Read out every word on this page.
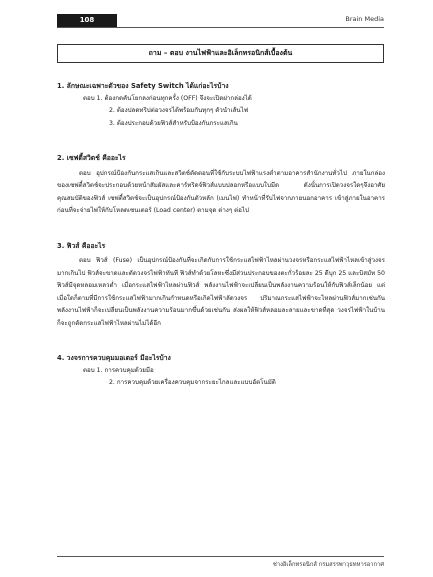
108	Brain Media
ถาม – ตอบ งานไฟฟ้าและอิเล็กทรอนิกส์เบื้องต้น

1. ลักษณะเฉพาะตัวของ Safety Switch ได้แก่อะไรบ้าง

ตอบ 1. ต้องกดคันโยกลงก่อนทุกครั้ง (OFF) จึงจะเปิดฝากล่องได้

2. ต้องปลดทริปต่อวงจรได้พร้อมกันทุกๆ ตัวนำเส้นไฟ

3. ต้องประกอบด้วยฟิวส์สำหรับป้องกันกระแสเกิน

2. เซฟตี้สวิตช์ คืออะไร

ตอบ อุปกรณ์ป้องกันกระแสเกินและสวิตช์ตัดตอนที่ใช้กับระบบไฟฟ้าแรงต่ำตามอาคารสำนักงานทั่วไป ภายในกล่องของเซฟตี้สวิตช์จะประกอบด้วยหน้าสัมผัสและคาร์ทริดจ์ฟิวส์แบบปลอกหรือแบบใบมีด ดังนั้นการเปิดวงจรใดๆจึงอาศัยคุณสมบัติของฟิวส์ เซฟตี้สวิตช์จะเป็นอุปกรณ์ป้องกันตัวหลัก (เมนไฟ) ทำหน้าที่รับไฟจากภายนอกอาคาร เข้าสู่ภายในอาคารก่อนที่จะจ่ายไฟให้กับโหลดเซนเตอร์ (Load center) ตามจุด ต่างๆ ต่อไป

3. ฟิวส์ คืออะไร

ตอบ ฟิวส์ (Fuse) เป็นอุปกรณ์ป้องกันที่จะเกิดกับการใช้กระแสไฟฟ้าไหลผ่านวงจรหรือกระแสไฟฟ้าไหลเข้าสู่วงจรมากเกินไป ฟิวส์จะขาดและตัดวงจรไฟฟ้าทันที ฟิวส์ทำด้วยโลหะซึ่งมีส่วนประกอบของตะกั่วร้อยละ 25 ดีบุก 25 และบิสมัท 50 ฟิวส์มีจุดหลอมเหลวต่ำ เมื่อกระแสไฟฟ้าไหลผ่านฟิวส์ พลังงานไฟฟ้าจะเปลี่ยนเป็นพลังงานความร้อนให้กับฟิวส์เล็กน้อย แต่เมื่อใดก็ตามที่มีการใช้กระแสไฟฟ้ามากเกินกำหนดหรือเกิดไฟฟ้าลัดวงจร ปริมาณกระแสไฟฟ้าจะไหลผ่านฟิวส์มากเช่นกันพลังงานไฟฟ้าก็จะเปลี่ยนเป็นพลังงานความร้อนมากขึ้นด้วยเช่นกัน ส่งผลให้ฟิวส์หลอมละลายและขาดที่สุด วงจรไฟฟ้าในบ้านก็จะถูกตัดกระแสไฟฟ้าไหลผ่านไม่ได้อีก

4. วงจรการควบคุมมอเตอร์ มีอะไรบ้าง

ตอบ 1. การควบคุมด้วยมือ

2. การควบคุมด้วยเครื่องควบคุมจากระยะไกลและแบบอัตโนมัติ

ช่างอิเล็กทรอนิกส์ กรมสรรพาวุธทหารอากาศ
